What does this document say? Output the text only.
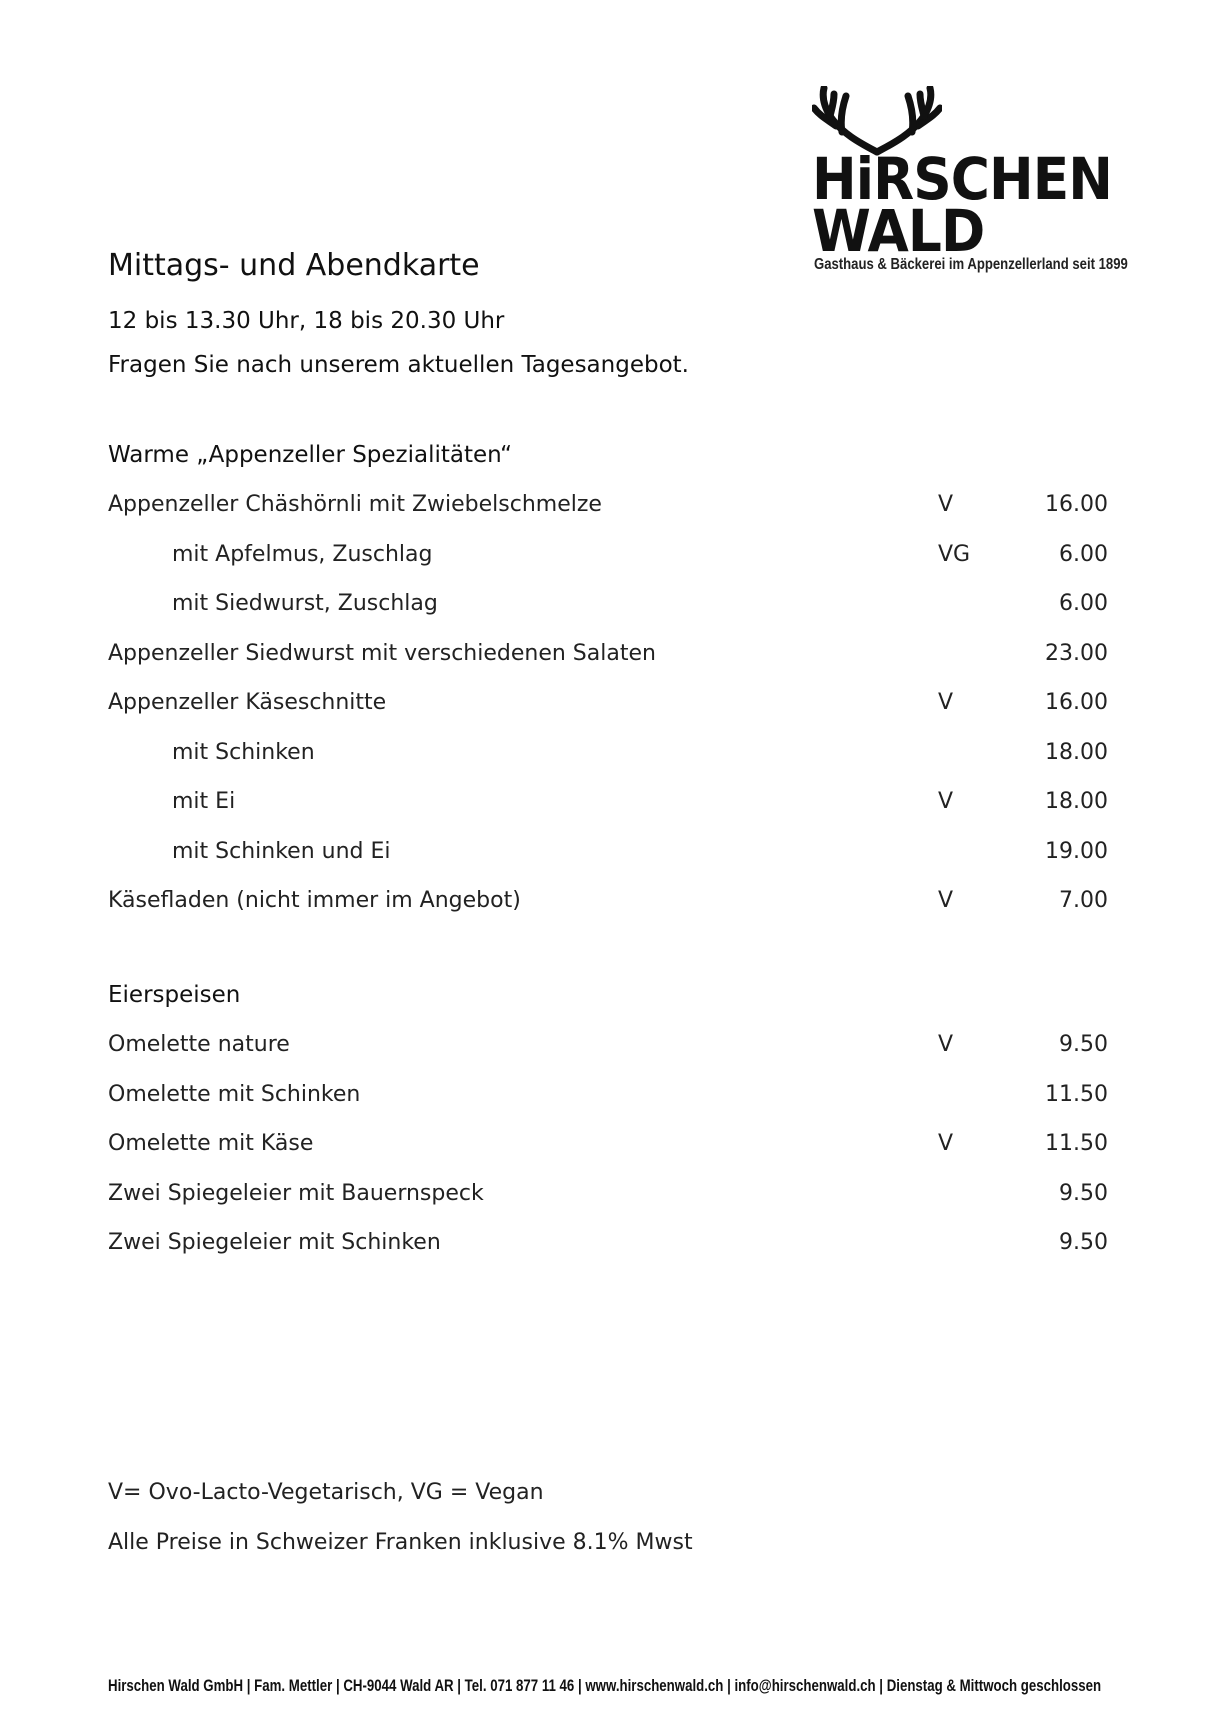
HiRSCHEN
WALD
Gasthaus & Bäckerei im Appenzellerland seit 1899
Mittags- und Abendkarte
12 bis 13.30 Uhr, 18 bis 20.30 Uhr
Fragen Sie nach unserem aktuellen Tagesangebot.
Warme „Appenzeller Spezialitäten“
Appenzeller Chäshörnli mit Zwiebelschmelze	V	16.00
mit Apfelmus, Zuschlag	VG	6.00
mit Siedwurst, Zuschlag	6.00
Appenzeller Siedwurst mit verschiedenen Salaten	23.00
Appenzeller Käseschnitte	V	16.00
mit Schinken	18.00
mit Ei	V	18.00
mit Schinken und Ei	19.00
Käsefladen (nicht immer im Angebot)	V	7.00
Eierspeisen
Omelette nature	V	9.50
Omelette mit Schinken	11.50
Omelette mit Käse	V	11.50
Zwei Spiegeleier mit Bauernspeck	9.50
Zwei Spiegeleier mit Schinken	9.50
V= Ovo-Lacto-Vegetarisch, VG = Vegan
Alle Preise in Schweizer Franken inklusive 8.1% Mwst
Hirschen Wald GmbH | Fam. Mettler | CH-9044 Wald AR | Tel. 071 877 11 46 | www.hirschenwald.ch | info@hirschenwald.ch | Dienstag & Mittwoch geschlossen
